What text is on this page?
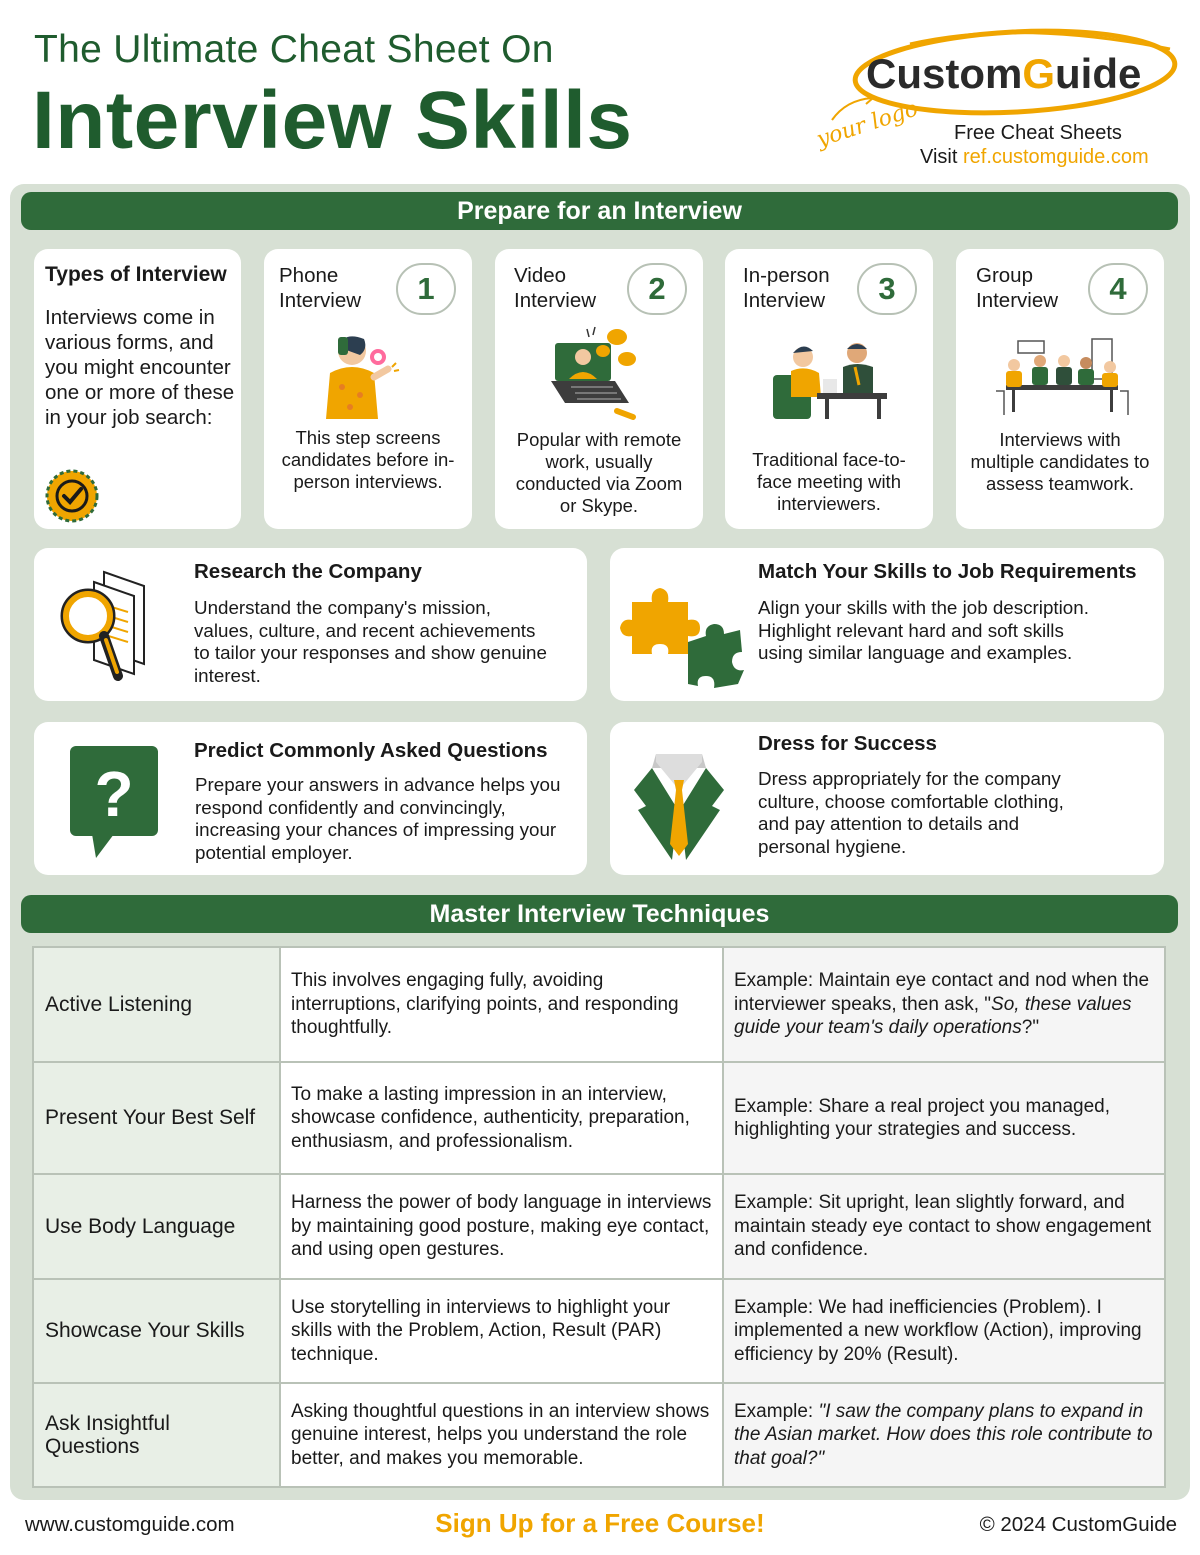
The Ultimate Cheat Sheet On
Interview Skills
CustomGuide
your logo Free Cheat Sheets
Visit ref.customguide.com
Prepare for an Interview
Types of Interview
Interviews come in various forms, and you might encounter one or more of these in your job search:
Phone Interview	1
This step screens candidates before in-person interviews.
Video Interview	2
Popular with remote work, usually conducted via Zoom or Skype.
In-person Interview	3
Traditional face-to-face meeting with interviewers.
Group Interview	4
Interviews with multiple candidates to assess teamwork.
Research the Company
Understand the company's mission, values, culture, and recent achievements to tailor your responses and show genuine interest.
Match Your Skills to Job Requirements
Align your skills with the job description. Highlight relevant hard and soft skills using similar language and examples.
?
Predict Commonly Asked Questions
Prepare your answers in advance helps you respond confidently and convincingly, increasing your chances of impressing your potential employer.
Dress for Success
Dress appropriately for the company culture, choose comfortable clothing, and pay attention to details and personal hygiene.
Master Interview Techniques
Active Listening	This involves engaging fully, avoiding interruptions, clarifying points, and responding thoughtfully.	Example: Maintain eye contact and nod when the interviewer speaks, then ask, "So, these values guide your team's daily operations?"
Present Your Best Self	To make a lasting impression in an interview, showcase confidence, authenticity, preparation, enthusiasm, and professionalism.	Example: Share a real project you managed, highlighting your strategies and success.
Use Body Language	Harness the power of body language in interviews by maintaining good posture, making eye contact, and using open gestures.	Example: Sit upright, lean slightly forward, and maintain steady eye contact to show engagement and confidence.
Showcase Your Skills	Use storytelling in interviews to highlight your skills with the Problem, Action, Result (PAR) technique.	Example: We had inefficiencies (Problem). I implemented a new workflow (Action), improving efficiency by 20% (Result).
Ask Insightful Questions	Asking thoughtful questions in an interview shows genuine interest, helps you understand the role better, and makes you memorable.	Example: "I saw the company plans to expand in the Asian market. How does this role contribute to that goal?"
www.customguide.com	Sign Up for a Free Course!	© 2024 CustomGuide
